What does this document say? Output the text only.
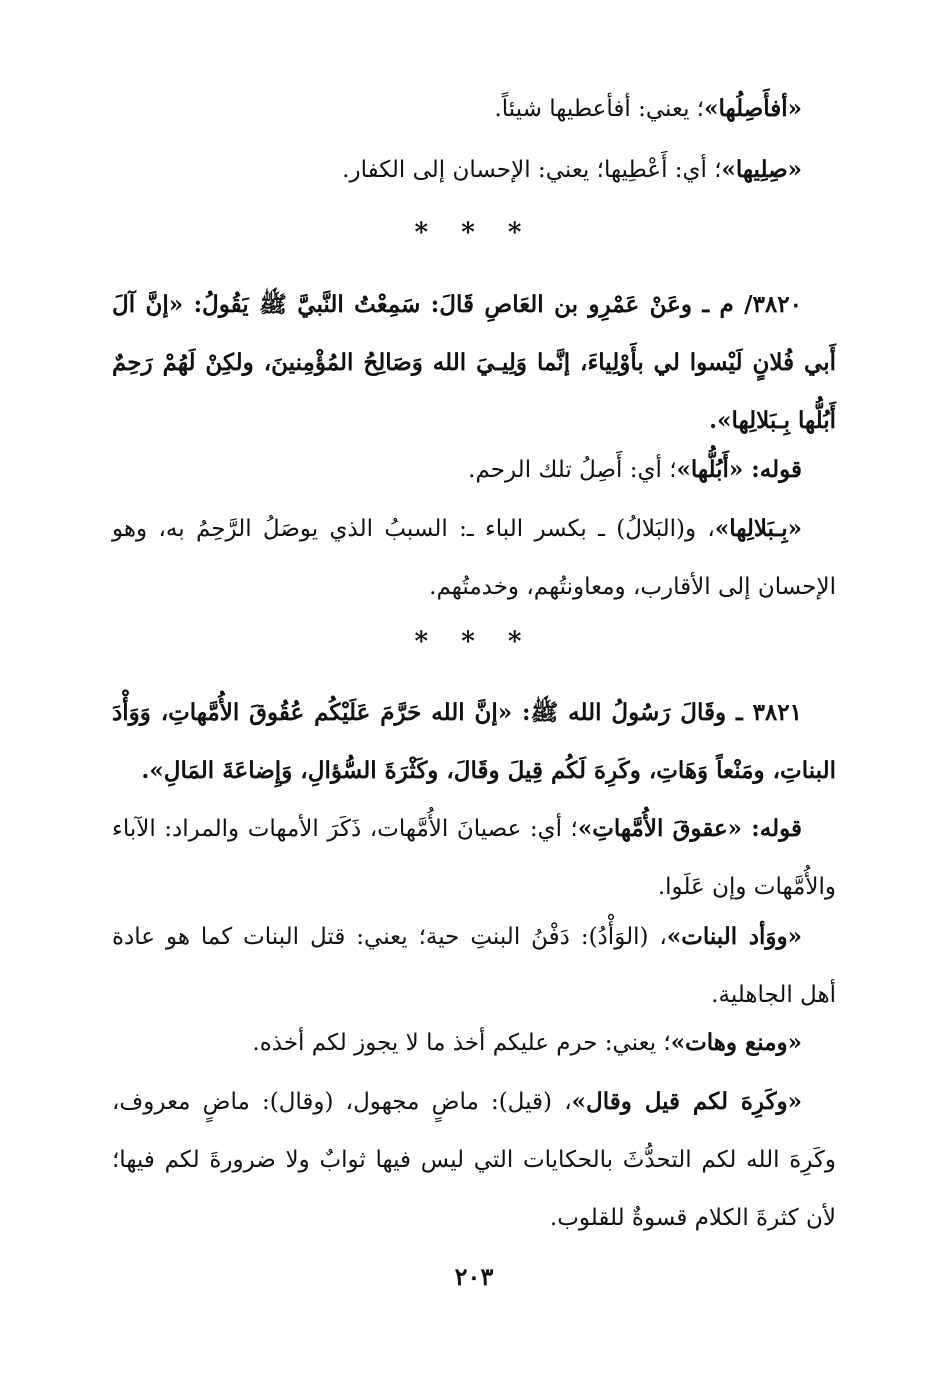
«أفأَصِلُها»؛ يعني: أفأعطيها شيئاً.
«صِلِيها»؛ أي: أَعْطِيها؛ يعني: الإحسان إلى الكفار.
* * *
٣٨٢٠/ م ـ وعَنْ عَمْرِو بن العَاصِ قَالَ: سَمِعْتُ النَّبيَّ ﷺ يَقُولُ: «إنَّ آلَ أَبي فُلانٍ لَيْسوا لي بأَوْلِياءَ، إنَّما وَلِيـيَ الله وَصَالِحُ المُؤْمِنينَ، ولكِنْ لَهُمْ رَحِمٌ أَبُلُّها بِـبَلالِها».
قوله: «أَبُلُّها»؛ أي: أَصِلُ تلك الرحم.
«بِـبَلالِها»، و(البَلالُ) ـ بكسر الباء ـ: السببُ الذي يوصَلُ الرَّحِمُ به، وهو الإحسان إلى الأقارب، ومعاونتُهم، وخدمتُهم.
* * *
٣٨٢١ ـ وقَالَ رَسُولُ الله ﷺ: «إنَّ الله حَرَّمَ عَلَيْكُم عُقُوقَ الأُمَّهاتِ، وَوَأْدَ البناتِ، ومَنْعاً وَهَاتِ، وكَرِهَ لَكُم قِيلَ وقَالَ، وكَثْرَةَ السُّؤالِ، وَإِضاعَةَ المَالِ».
قوله: «عقوقَ الأُمَّهاتِ»؛ أي: عصيانَ الأُمَّهات، ذَكَرَ الأمهات والمراد: الآباء والأُمَّهات وإن عَلَوا.
«ووَأد البنات»، (الوَأْدُ): دَفْنُ البنتِ حية؛ يعني: قتل البنات كما هو عادة أهل الجاهلية.
«ومنع وهات»؛ يعني: حرم عليكم أخذ ما لا يجوز لكم أخذه.
«وكَرِهَ لكم قيل وقال»، (قيل): ماضٍ مجهول، (وقال): ماضٍ معروف، وكَرِهَ الله لكم التحدُّثَ بالحكايات التي ليس فيها ثوابٌ ولا ضرورةَ لكم فيها؛ لأن كثرةَ الكلام قسوةٌ للقلوب.
٢٠٣
